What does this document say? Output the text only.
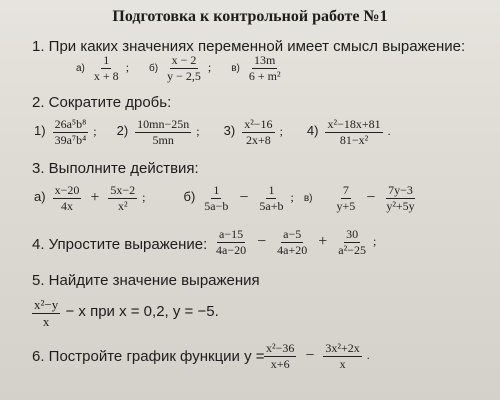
Подготовка к контрольной работе №1
1. При каких значениях переменной имеет смысл выражение:
$а) \frac{1}{x + 8}$ ; $б) \frac{x - 2}{y - 2,5}$ ; $в) \frac{13m}{\text{6 + m²}}$
2. Сократите дробь:
$1) \frac{\text{26a⁵b⁸}}{\text{39a⁷b⁴}}$ ; $2) \frac{10mn-25n}{5mn}$ ; $3) \frac{\text{x²−16}}{2x+8}$ ; $4) \frac{\text{x²−18x+81}}{\text{81−x²}}$ .
3. Выполните действия:
$а) \frac{x-20}{4x} + \frac{5x-2}{\text{x²}}$ ;	$б) \frac{1}{5a-b} - \frac{1}{5a+b}$ ; $в) \frac{7}{y+5} - \frac{7y-3}{\text{y²+5y}}$
4. Упростите выражение: $\frac{a-15}{4a-20} - \frac{a-5}{4a+20} + \frac{30}{\text{a²−25}}$ ;
5. Найдите значение выражения
$\frac{\text{x²−y}}{x} - x$ при x = 0,2, y = −5.
6. Постройте график функции $y = \frac{\text{x²−36}}{x+6} - \frac{\text{3x²+2x}}{x}$ .
